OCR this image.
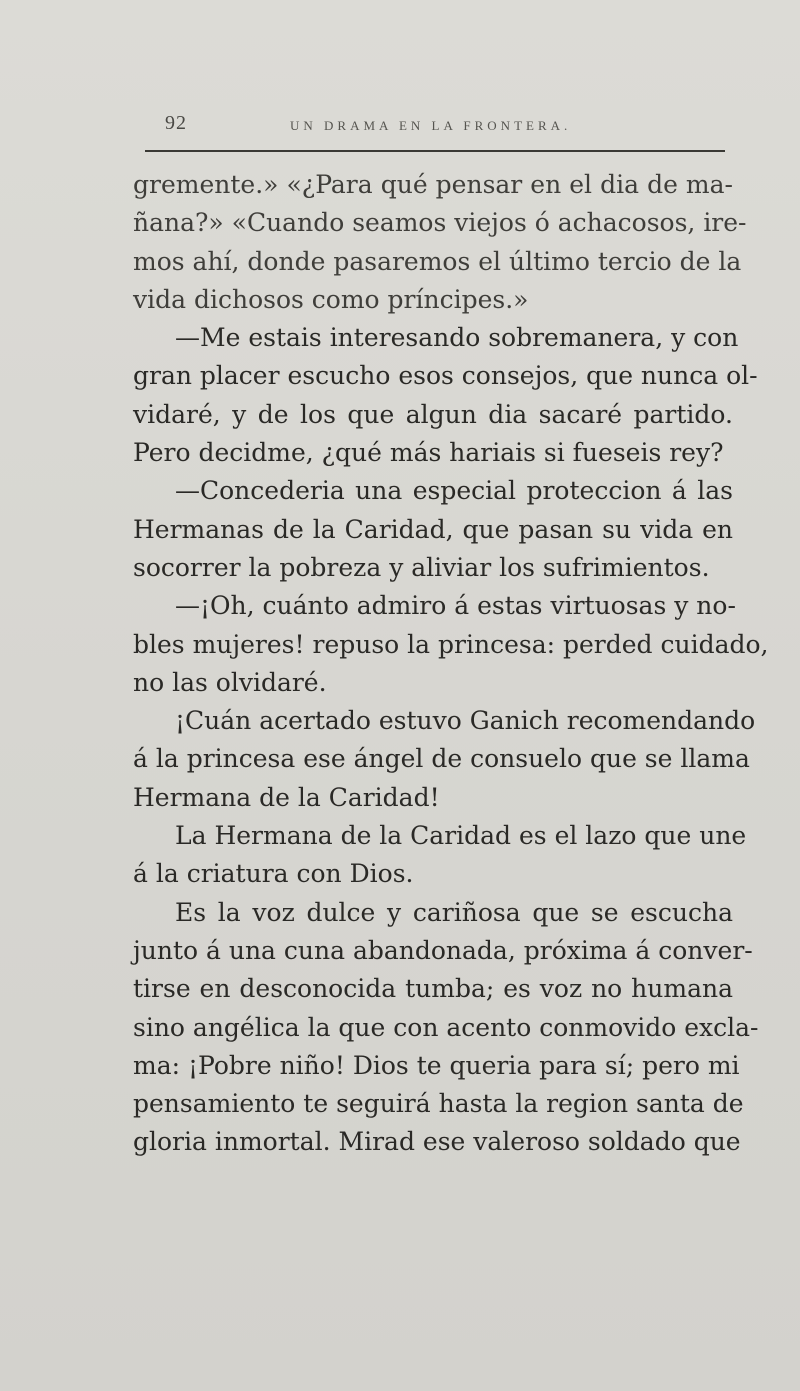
92	UN DRAMA EN LA FRONTERA.
gremente.» «¿Para qué pensar en el dia de ma-
ñana?» «Cuando seamos viejos ó achacosos, ire-
mos ahí, donde pasaremos el último tercio de la
vida dichosos como príncipes.»
—Me estais interesando sobremanera, y con
gran placer escucho esos consejos, que nunca ol-
vidaré, y de los que algun dia sacaré partido.
Pero decidme, ¿qué más hariais si fueseis rey?
—Concederia una especial proteccion á las
Hermanas de la Caridad, que pasan su vida en
socorrer la pobreza y aliviar los sufrimientos.
—¡Oh, cuánto admiro á estas virtuosas y no-
bles mujeres! repuso la princesa: perded cuidado,
no las olvidaré.
¡Cuán acertado estuvo Ganich recomendando
á la princesa ese ángel de consuelo que se llama
Hermana de la Caridad!
La Hermana de la Caridad es el lazo que une
á la criatura con Dios.
Es la voz dulce y cariñosa que se escucha
junto á una cuna abandonada, próxima á conver-
tirse en desconocida tumba; es voz no humana
sino angélica la que con acento conmovido excla-
ma: ¡Pobre niño! Dios te queria para sí; pero mi
pensamiento te seguirá hasta la region santa de
gloria inmortal. Mirad ese valeroso soldado que
